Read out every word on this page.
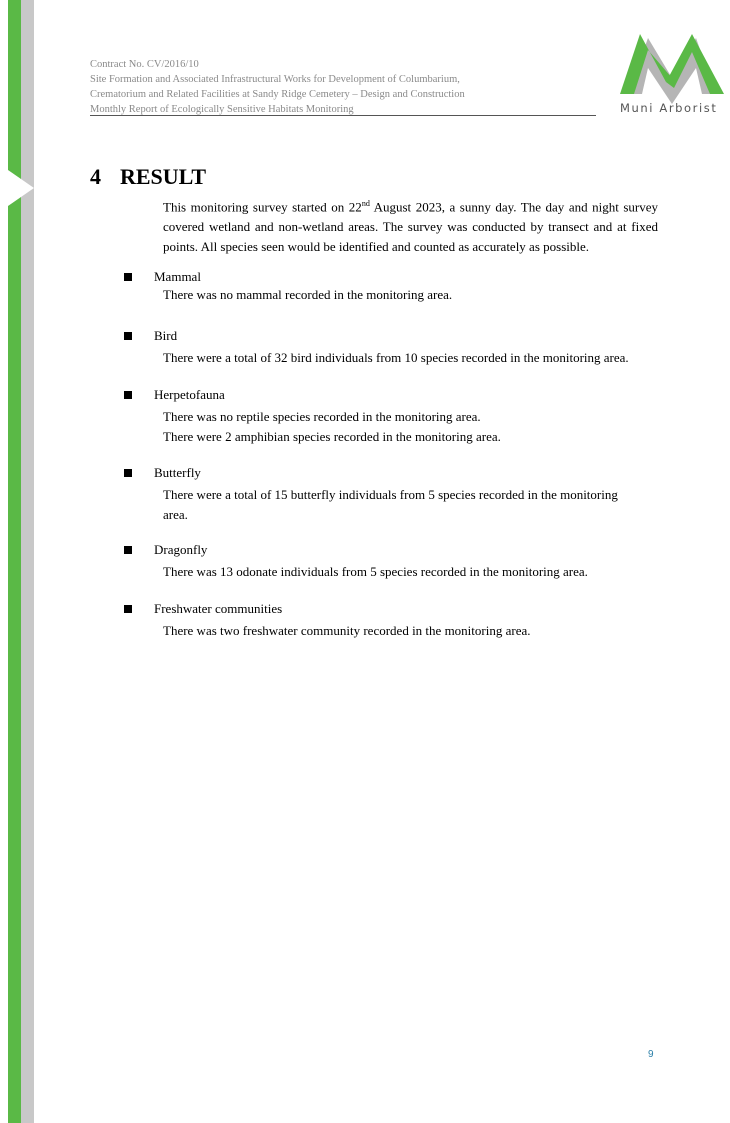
Contract No. CV/2016/10
Site Formation and Associated Infrastructural Works for Development of Columbarium,
Crematorium and Related Facilities at Sandy Ridge Cemetery – Design and Construction
Monthly Report of Ecologically Sensitive Habitats Monitoring	Muni Arborist
4 RESULT
This monitoring survey started on 22nd August 2023, a sunny day. The day and night survey covered wetland and non-wetland areas. The survey was conducted by transect and at fixed points. All species seen would be identified and counted as accurately as possible.
Mammal
There was no mammal recorded in the monitoring area.
Bird
There were a total of 32 bird individuals from 10 species recorded in the monitoring area.
Herpetofauna
There was no reptile species recorded in the monitoring area.
There were 2 amphibian species recorded in the monitoring area.
Butterfly
There were a total of 15 butterfly individuals from 5 species recorded in the monitoring area.
Dragonfly
There was 13 odonate individuals from 5 species recorded in the monitoring area.
Freshwater communities
There was two freshwater community recorded in the monitoring area.
9
